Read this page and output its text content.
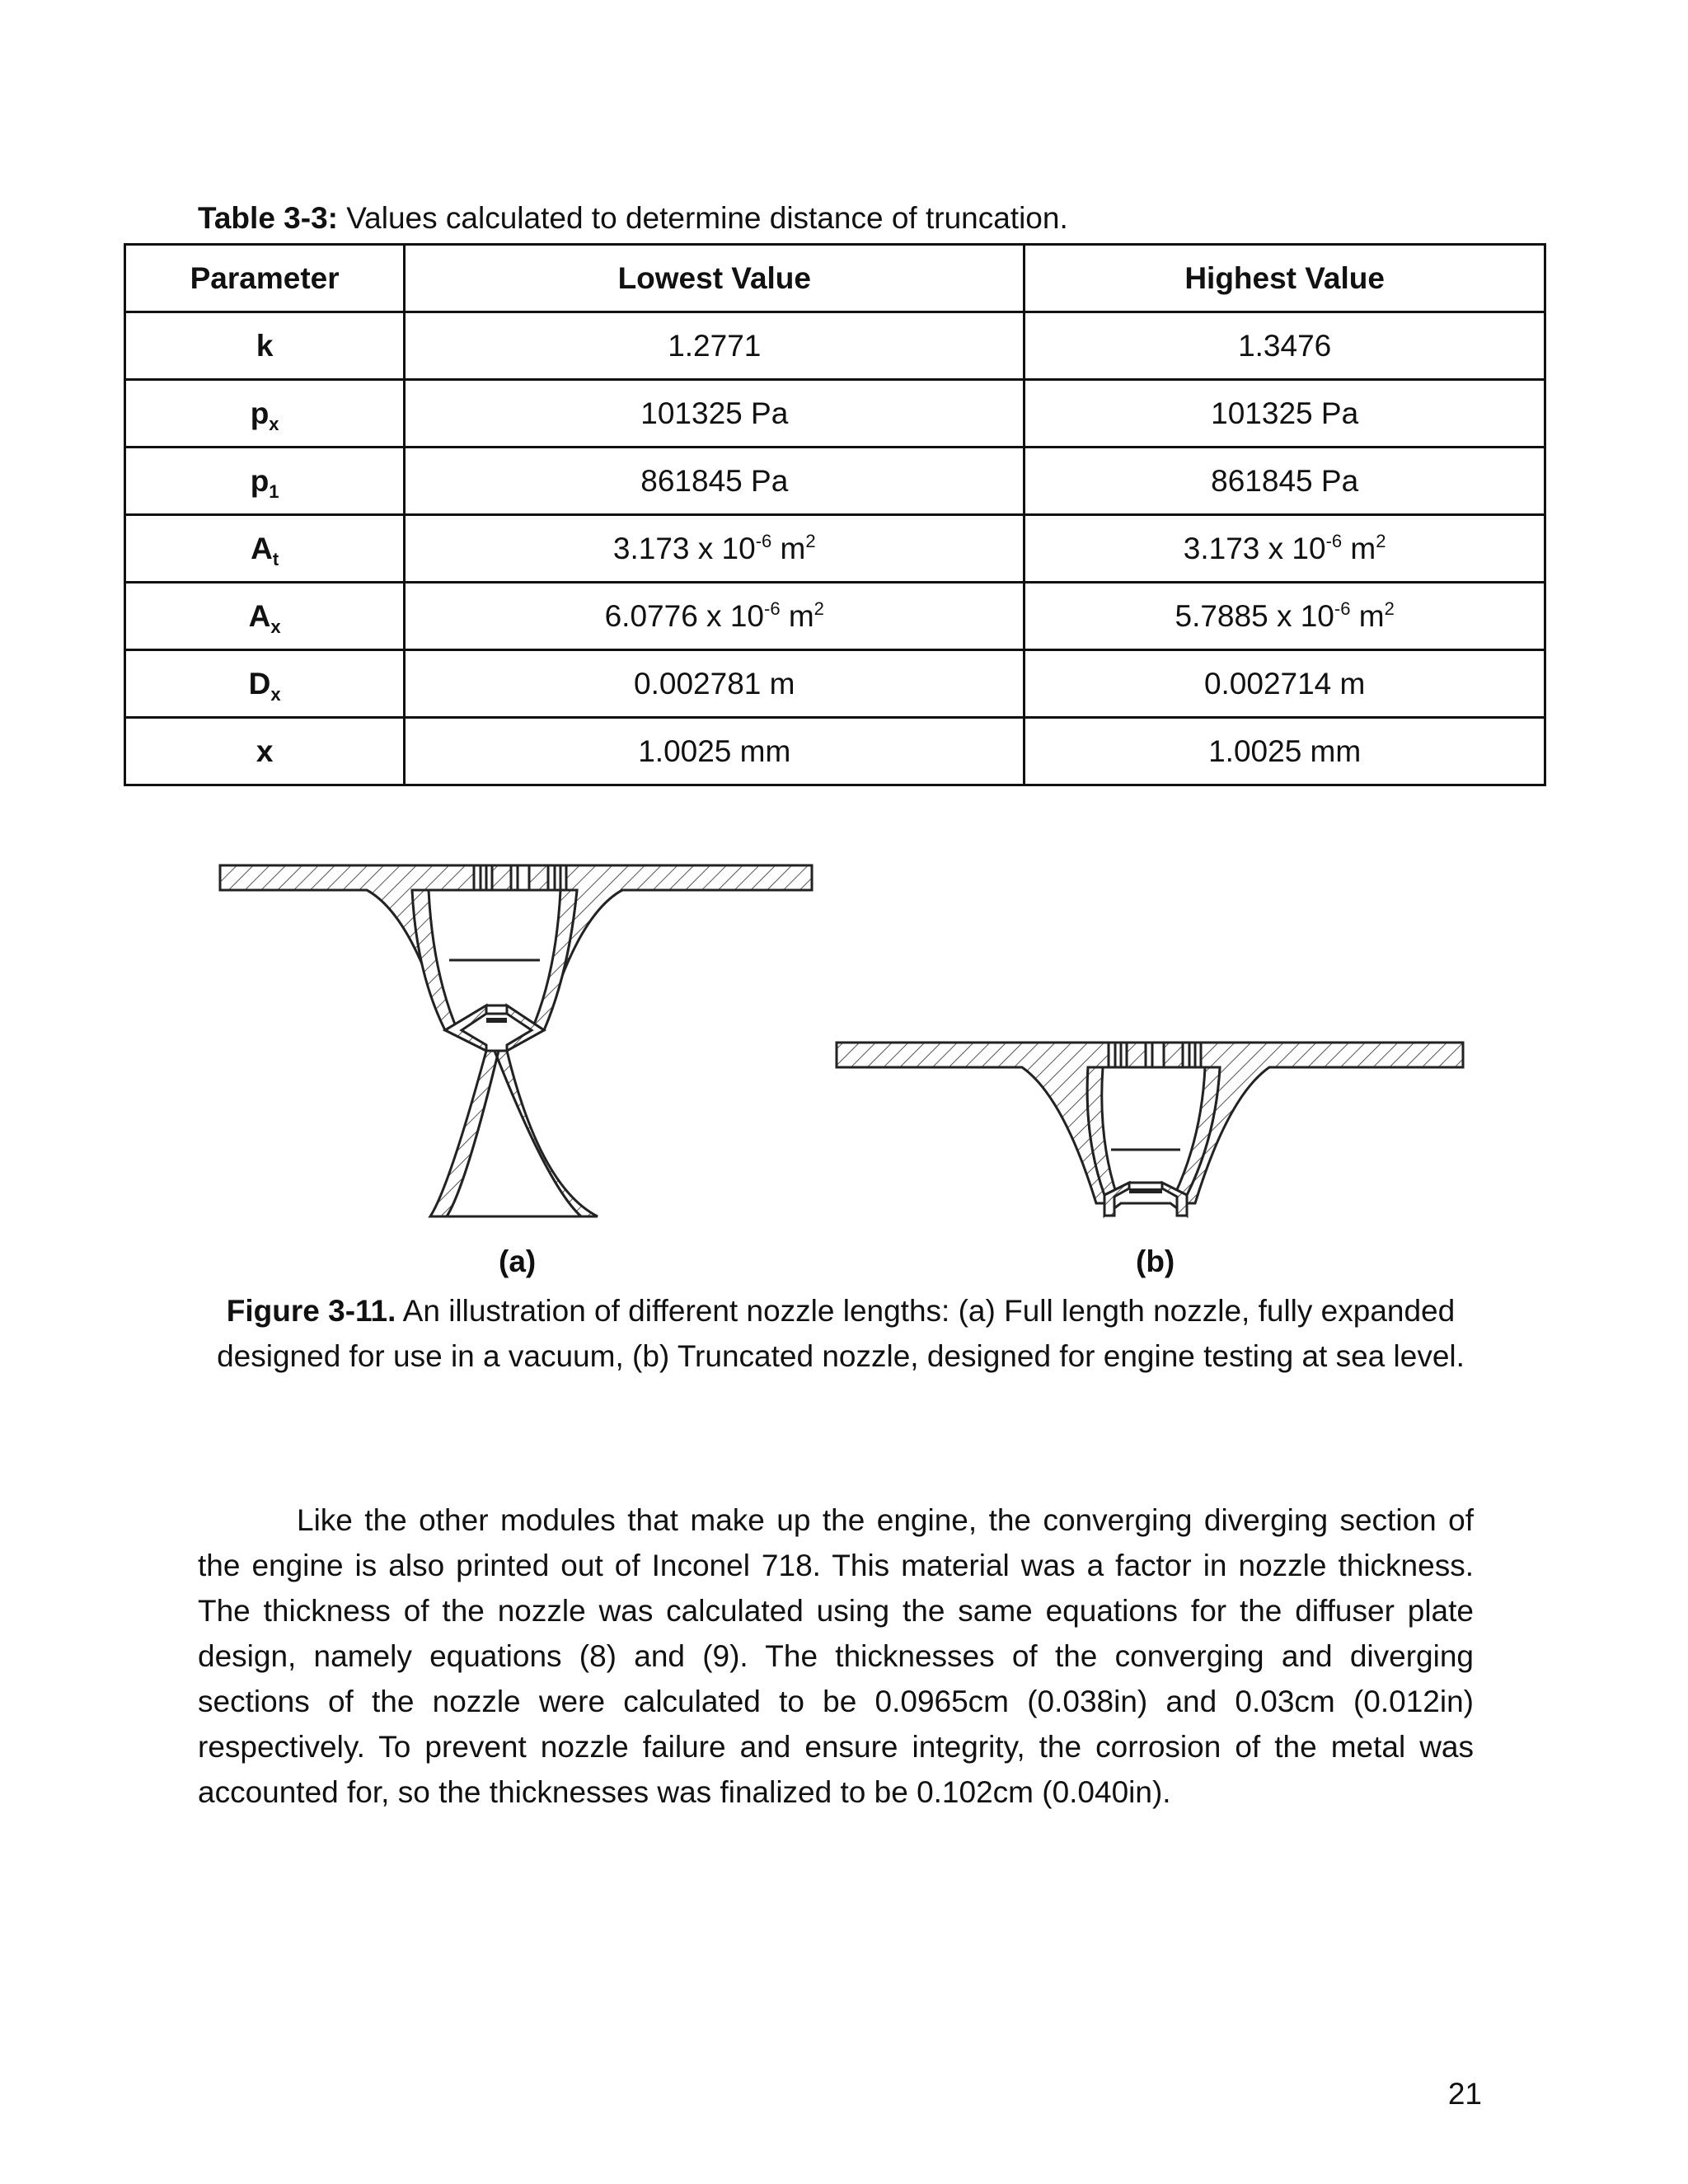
Table 3-3: Values calculated to determine distance of truncation.
Parameter	Lowest Value	Highest Value
k	1.2771	1.3476
$p_x$	101325 Pa	101325 Pa
$p_1$	861845 Pa	861845 Pa
$A_t$	3.173 x $10^{-6}$ $m^2$	3.173 x $10^{-6}$ $m^2$
$A_x$	6.0776 x $10^{-6}$ $m^2$	5.7885 x $10^{-6}$ $m^2$
$D_x$	0.002781 m	0.002714 m
x	1.0025 mm	1.0025 mm
(a)	(b)
Figure 3-11. An illustration of different nozzle lengths: (a) Full length nozzle, fully expanded designed for use in a vacuum, (b) Truncated nozzle, designed for engine testing at sea level.

Like the other modules that make up the engine, the converging diverging section of the engine is also printed out of Inconel 718. This material was a factor in nozzle thickness. The thickness of the nozzle was calculated using the same equations for the diffuser plate design, namely equations (8) and (9). The thicknesses of the converging and diverging sections of the nozzle were calculated to be 0.0965cm (0.038in) and 0.03cm (0.012in) respectively. To prevent nozzle failure and ensure integrity, the corrosion of the metal was accounted for, so the thicknesses was finalized to be 0.102cm (0.040in).

21
